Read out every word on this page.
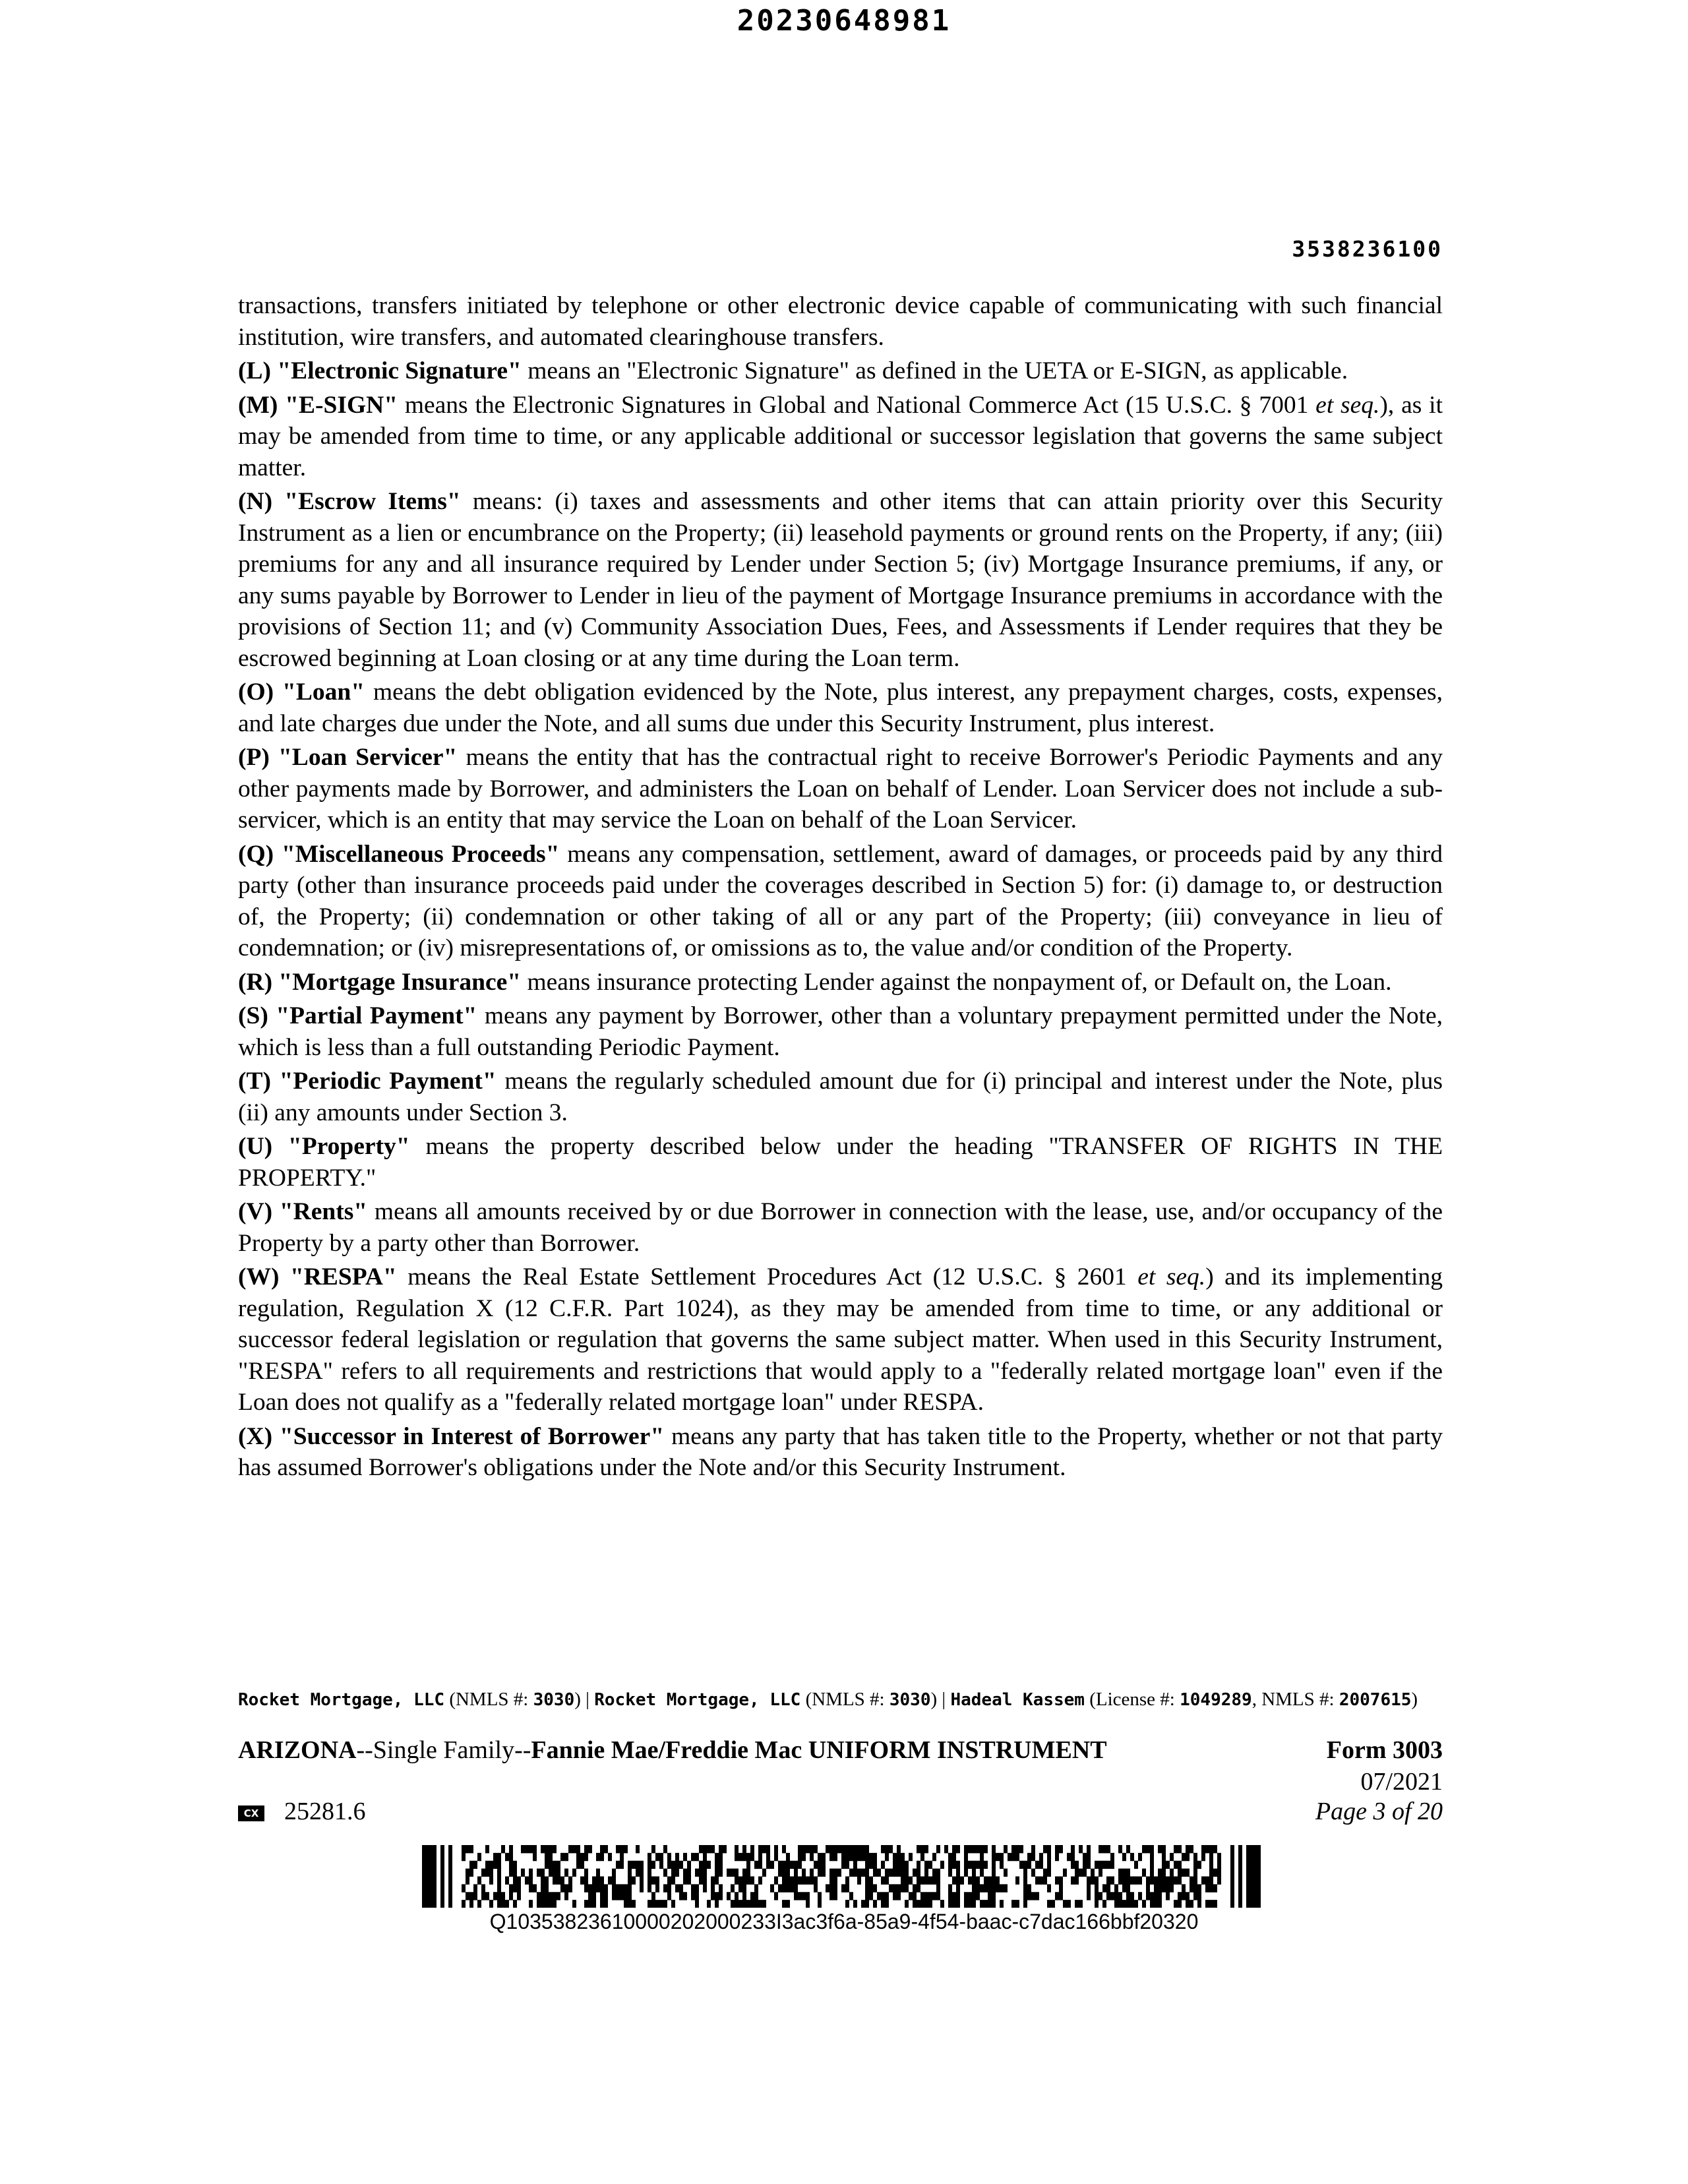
20230648981
3538236100

transactions, transfers initiated by telephone or other electronic device capable of communicating with such financial institution, wire transfers, and automated clearinghouse transfers.

(L) "Electronic Signature" means an "Electronic Signature" as defined in the UETA or E-SIGN, as applicable.

(M) "E-SIGN" means the Electronic Signatures in Global and National Commerce Act (15 U.S.C. § 7001 et seq.), as it may be amended from time to time, or any applicable additional or successor legislation that governs the same subject matter.

(N) "Escrow Items" means: (i) taxes and assessments and other items that can attain priority over this Security Instrument as a lien or encumbrance on the Property; (ii) leasehold payments or ground rents on the Property, if any; (iii) premiums for any and all insurance required by Lender under Section 5; (iv) Mortgage Insurance premiums, if any, or any sums payable by Borrower to Lender in lieu of the payment of Mortgage Insurance premiums in accordance with the provisions of Section 11; and (v) Community Association Dues, Fees, and Assessments if Lender requires that they be escrowed beginning at Loan closing or at any time during the Loan term.

(O) "Loan" means the debt obligation evidenced by the Note, plus interest, any prepayment charges, costs, expenses, and late charges due under the Note, and all sums due under this Security Instrument, plus interest.

(P) "Loan Servicer" means the entity that has the contractual right to receive Borrower's Periodic Payments and any other payments made by Borrower, and administers the Loan on behalf of Lender. Loan Servicer does not include a sub-servicer, which is an entity that may service the Loan on behalf of the Loan Servicer.

(Q) "Miscellaneous Proceeds" means any compensation, settlement, award of damages, or proceeds paid by any third party (other than insurance proceeds paid under the coverages described in Section 5) for: (i) damage to, or destruction of, the Property; (ii) condemnation or other taking of all or any part of the Property; (iii) conveyance in lieu of condemnation; or (iv) misrepresentations of, or omissions as to, the value and/or condition of the Property.

(R) "Mortgage Insurance" means insurance protecting Lender against the nonpayment of, or Default on, the Loan.

(S) "Partial Payment" means any payment by Borrower, other than a voluntary prepayment permitted under the Note, which is less than a full outstanding Periodic Payment.

(T) "Periodic Payment" means the regularly scheduled amount due for (i) principal and interest under the Note, plus (ii) any amounts under Section 3.

(U) "Property" means the property described below under the heading "TRANSFER OF RIGHTS IN THE PROPERTY."

(V) "Rents" means all amounts received by or due Borrower in connection with the lease, use, and/or occupancy of the Property by a party other than Borrower.

(W) "RESPA" means the Real Estate Settlement Procedures Act (12 U.S.C. § 2601 et seq.) and its implementing regulation, Regulation X (12 C.F.R. Part 1024), as they may be amended from time to time, or any additional or successor federal legislation or regulation that governs the same subject matter. When used in this Security Instrument, "RESPA" refers to all requirements and restrictions that would apply to a "federally related mortgage loan" even if the Loan does not qualify as a "federally related mortgage loan" under RESPA.

(X) "Successor in Interest of Borrower" means any party that has taken title to the Property, whether or not that party has assumed Borrower's obligations under the Note and/or this Security Instrument.

Rocket Mortgage, LLC (NMLS #: 3030) | Rocket Mortgage, LLC (NMLS #: 3030) | Hadeal Kassem (License #: 1049289, NMLS #: 2007615)
ARIZONA--Single Family--Fannie Mae/Freddie Mac UNIFORM INSTRUMENT	Form 3003
07/2021
CX 25281.6	Page 3 of 20
Q10353823610000202000233I3ac3f6a-85a9-4f54-baac-c7dac166bbf20320
